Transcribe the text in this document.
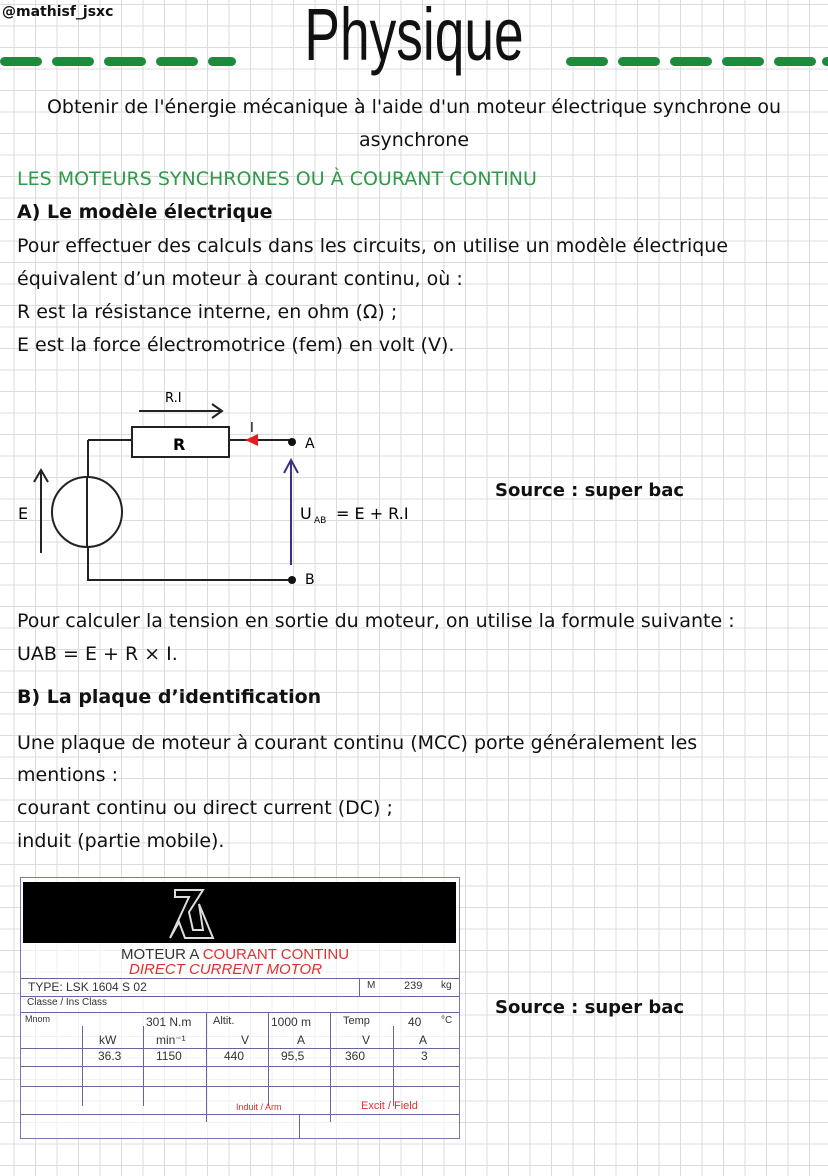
@mathisf_jsxc	Physique
Obtenir de l'énergie mécanique à l'aide d'un moteur électrique synchrone ou
asynchrone
LES MOTEURS SYNCHRONES OU À COURANT CONTINU
A) Le modèle électrique
Pour effectuer des calculs dans les circuits, on utilise un modèle électrique
équivalent d’un moteur à courant continu, où :
R est la résistance interne, en ohm (Ω) ;
E est la force électromotrice (fem) en volt (V).
R.I
R
I
A
B
E	U AB = E + R.I
Source : super bac
Pour calculer la tension en sortie du moteur, on utilise la formule suivante :
UAB = E + R × I.
B) La plaque d’identification
Une plaque de moteur à courant continu (MCC) porte généralement les
mentions :
courant continu ou direct current (DC) ;
induit (partie mobile).
MOTEUR A COURANT CONTINU
DIRECT CURRENT MOTOR
TYPE: LSK 1604 S 02	M	239 kg
Classe / Ins Class
Mnom	301 N.m Altit.	1000 m	Temp	40 °C
kW	min⁻¹	V	A	V	A
36.3	1150	440	95,5	360	3
Induit / Arm	Excit / Field
Source : super bac
